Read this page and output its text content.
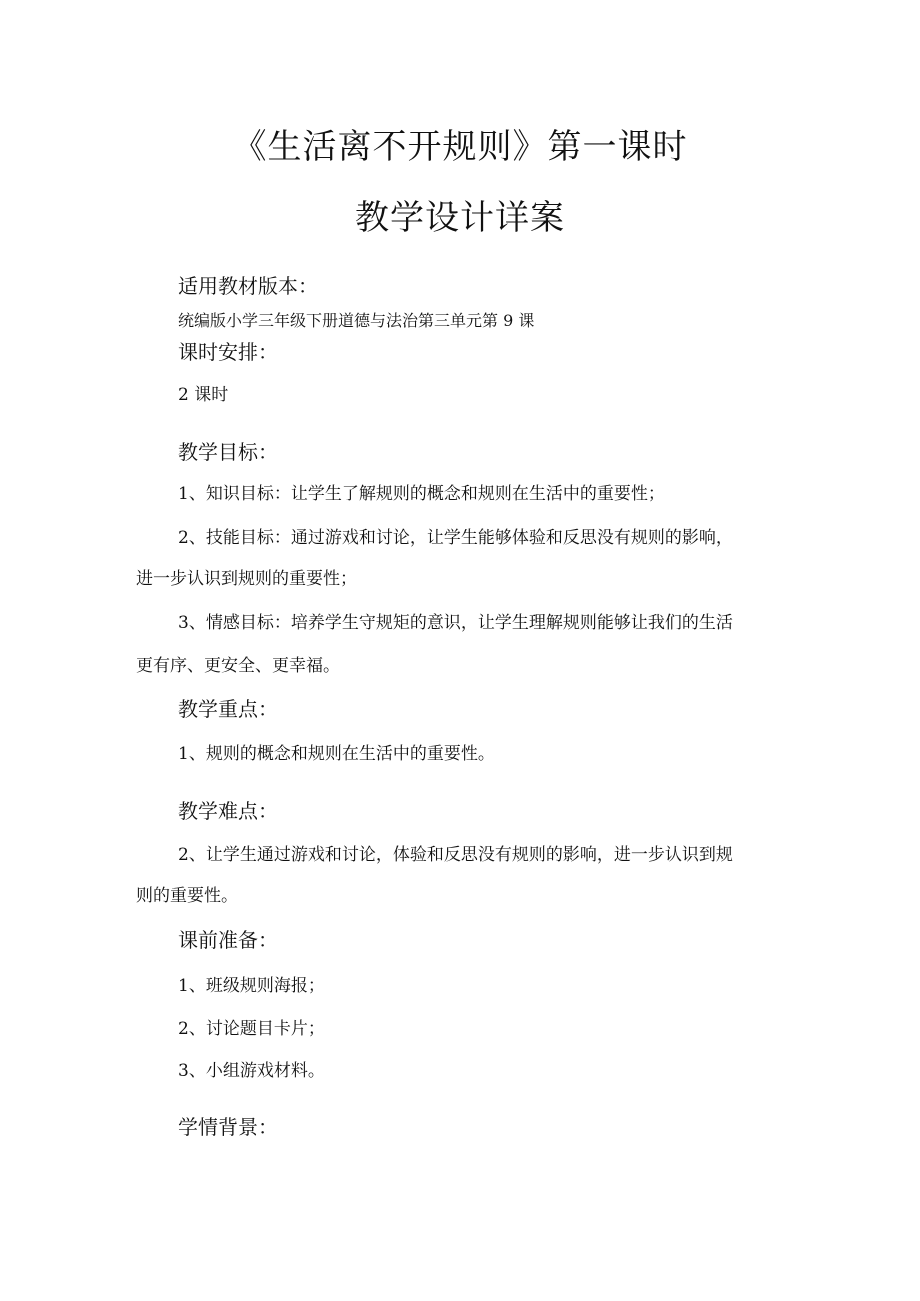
《生活离不开规则》第一课时
教学设计详案
适用教材版本：
统编版小学三年级下册道德与法治第三单元第 9 课
课时安排：
2 课时
教学目标：
1、知识目标：让学生了解规则的概念和规则在生活中的重要性；
2、技能目标：通过游戏和讨论，让学生能够体验和反思没有规则的影响，
进一步认识到规则的重要性；
3、情感目标：培养学生守规矩的意识，让学生理解规则能够让我们的生活
更有序、更安全、更幸福。
教学重点：
1、规则的概念和规则在生活中的重要性。
教学难点：
2、让学生通过游戏和讨论，体验和反思没有规则的影响，进一步认识到规
则的重要性。
课前准备：
1、班级规则海报；
2、讨论题目卡片；
3、小组游戏材料。
学情背景：
